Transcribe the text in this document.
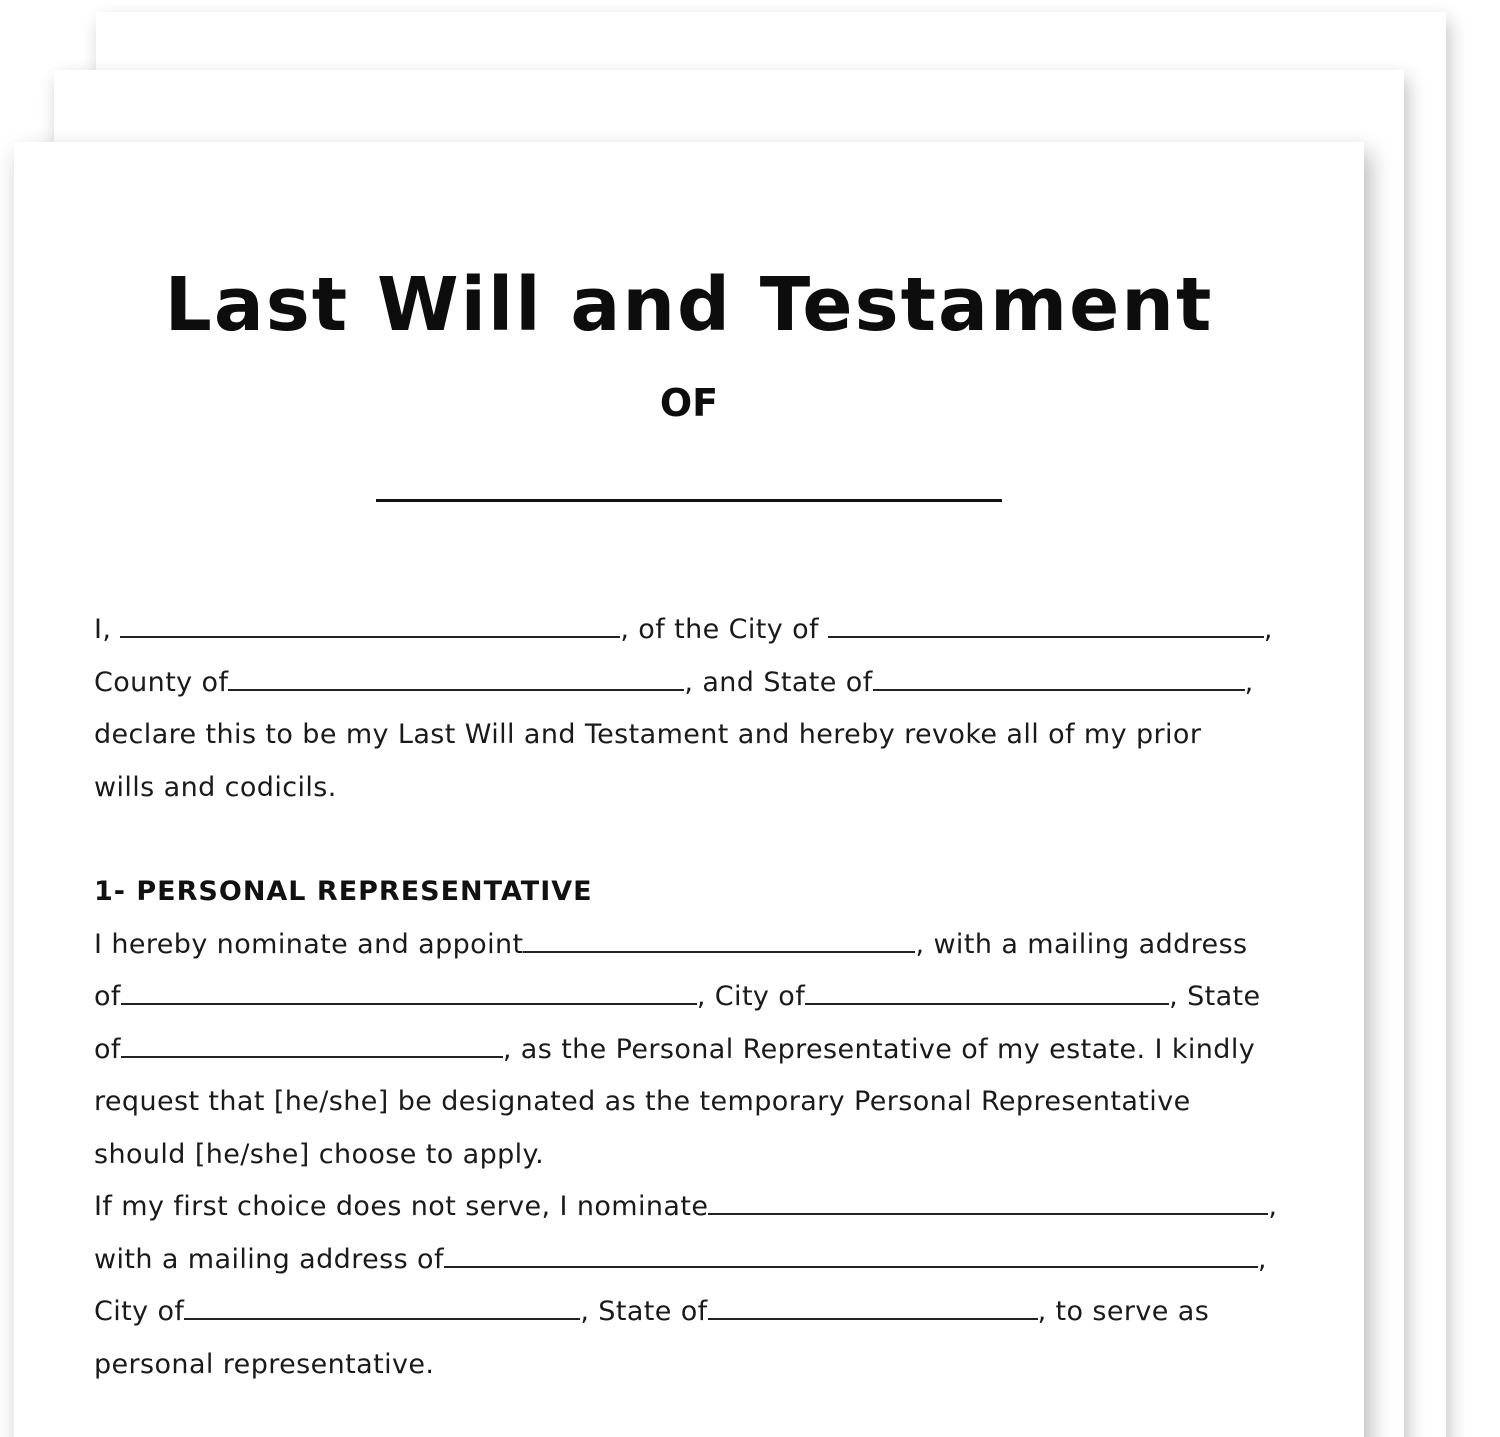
Last Will and Testament
OF
I,	, of the City of	,
County of	, and State of	,
declare this to be my Last Will and Testament and hereby revoke all of my prior
wills and codicils.
1- PERSONAL REPRESENTATIVE
I hereby nominate and appoint	, with a mailing address
of	, City of	, State
of	, as the Personal Representative of my estate. I kindly
request that [he/she] be designated as the temporary Personal Representative
should [he/she] choose to apply.
If my first choice does not serve, I nominate	,
with a mailing address of	,
City of	, State of	, to serve as
personal representative.
